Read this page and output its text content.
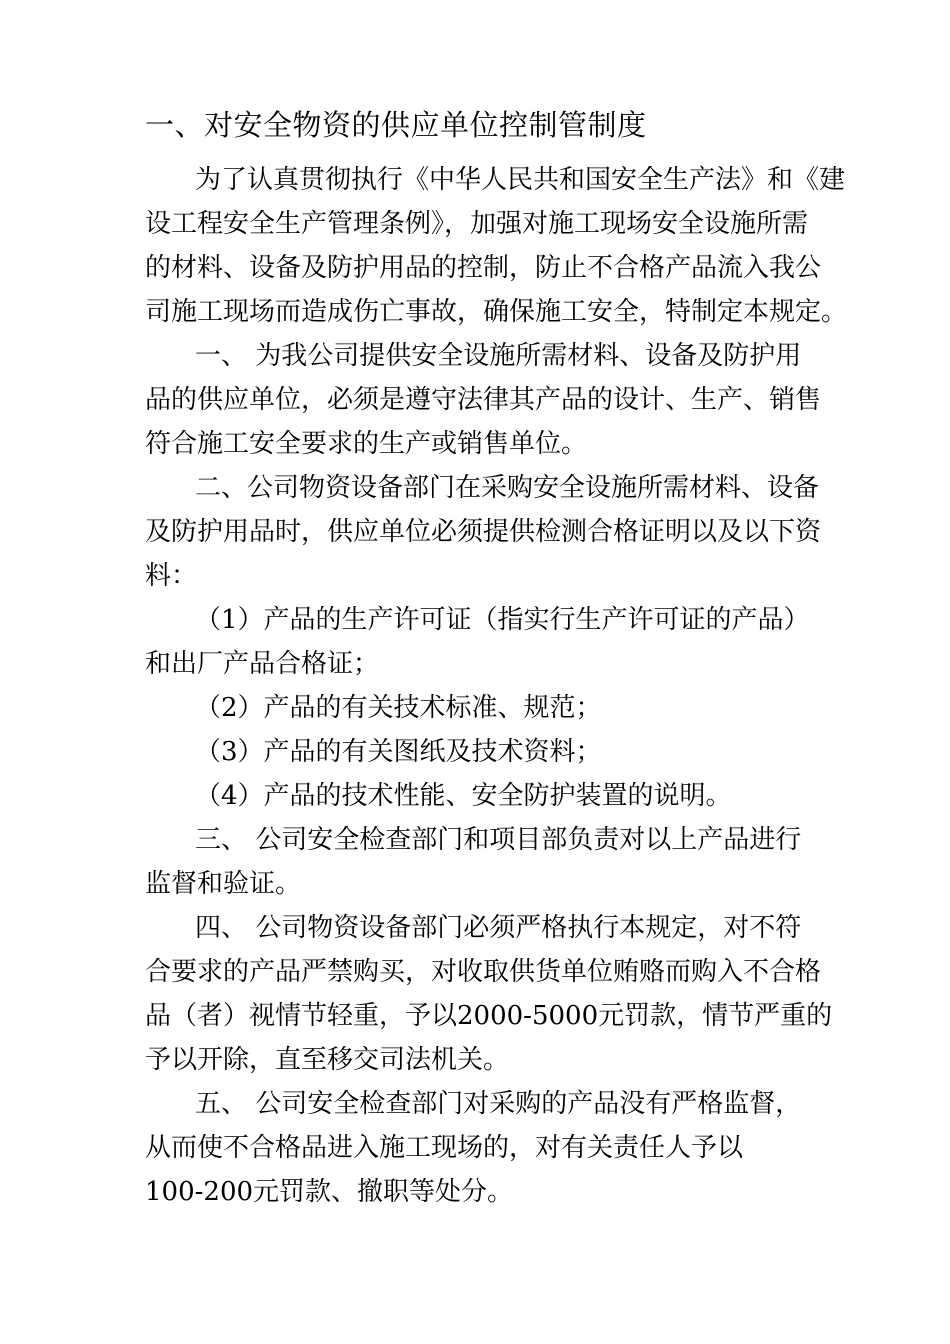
一、对安全物资的供应单位控制管制度
为了认真贯彻执行《中华人民共和国安全生产法》和《建
设工程安全生产管理条例》，加强对施工现场安全设施所需
的材料、设备及防护用品的控制，防止不合格产品流入我公
司施工现场而造成伤亡事故，确保施工安全，特制定本规定。
一、 为我公司提供安全设施所需材料、设备及防护用
品的供应单位，必须是遵守法律其产品的设计、生产、销售
符合施工安全要求的生产或销售单位。
二、公司物资设备部门在采购安全设施所需材料、设备
及防护用品时，供应单位必须提供检测合格证明以及以下资
料：
（1）产品的生产许可证（指实行生产许可证的产品）
和出厂产品合格证；
（2）产品的有关技术标准、规范；
（3）产品的有关图纸及技术资料；
（4）产品的技术性能、安全防护装置的说明。
三、 公司安全检查部门和项目部负责对以上产品进行
监督和验证。
四、 公司物资设备部门必须严格执行本规定，对不符
合要求的产品严禁购买，对收取供货单位贿赂而购入不合格
品（者）视情节轻重，予以2000-5000元罚款，情节严重的
予以开除，直至移交司法机关。
五、 公司安全检查部门对采购的产品没有严格监督，
从而使不合格品进入施工现场的，对有关责任人予以
100-200元罚款、撤职等处分。
